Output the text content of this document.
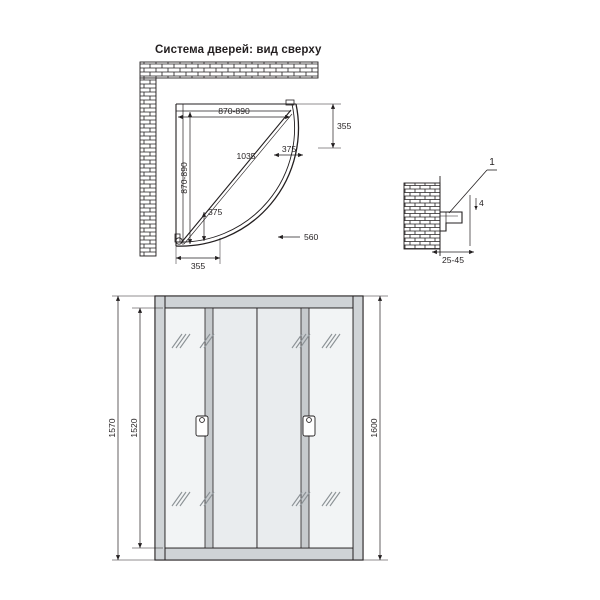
Система дверей: вид сверху
870-890
355
375
1035
870-890
375
355
560
1
4
25-45
1570 1520	1600
